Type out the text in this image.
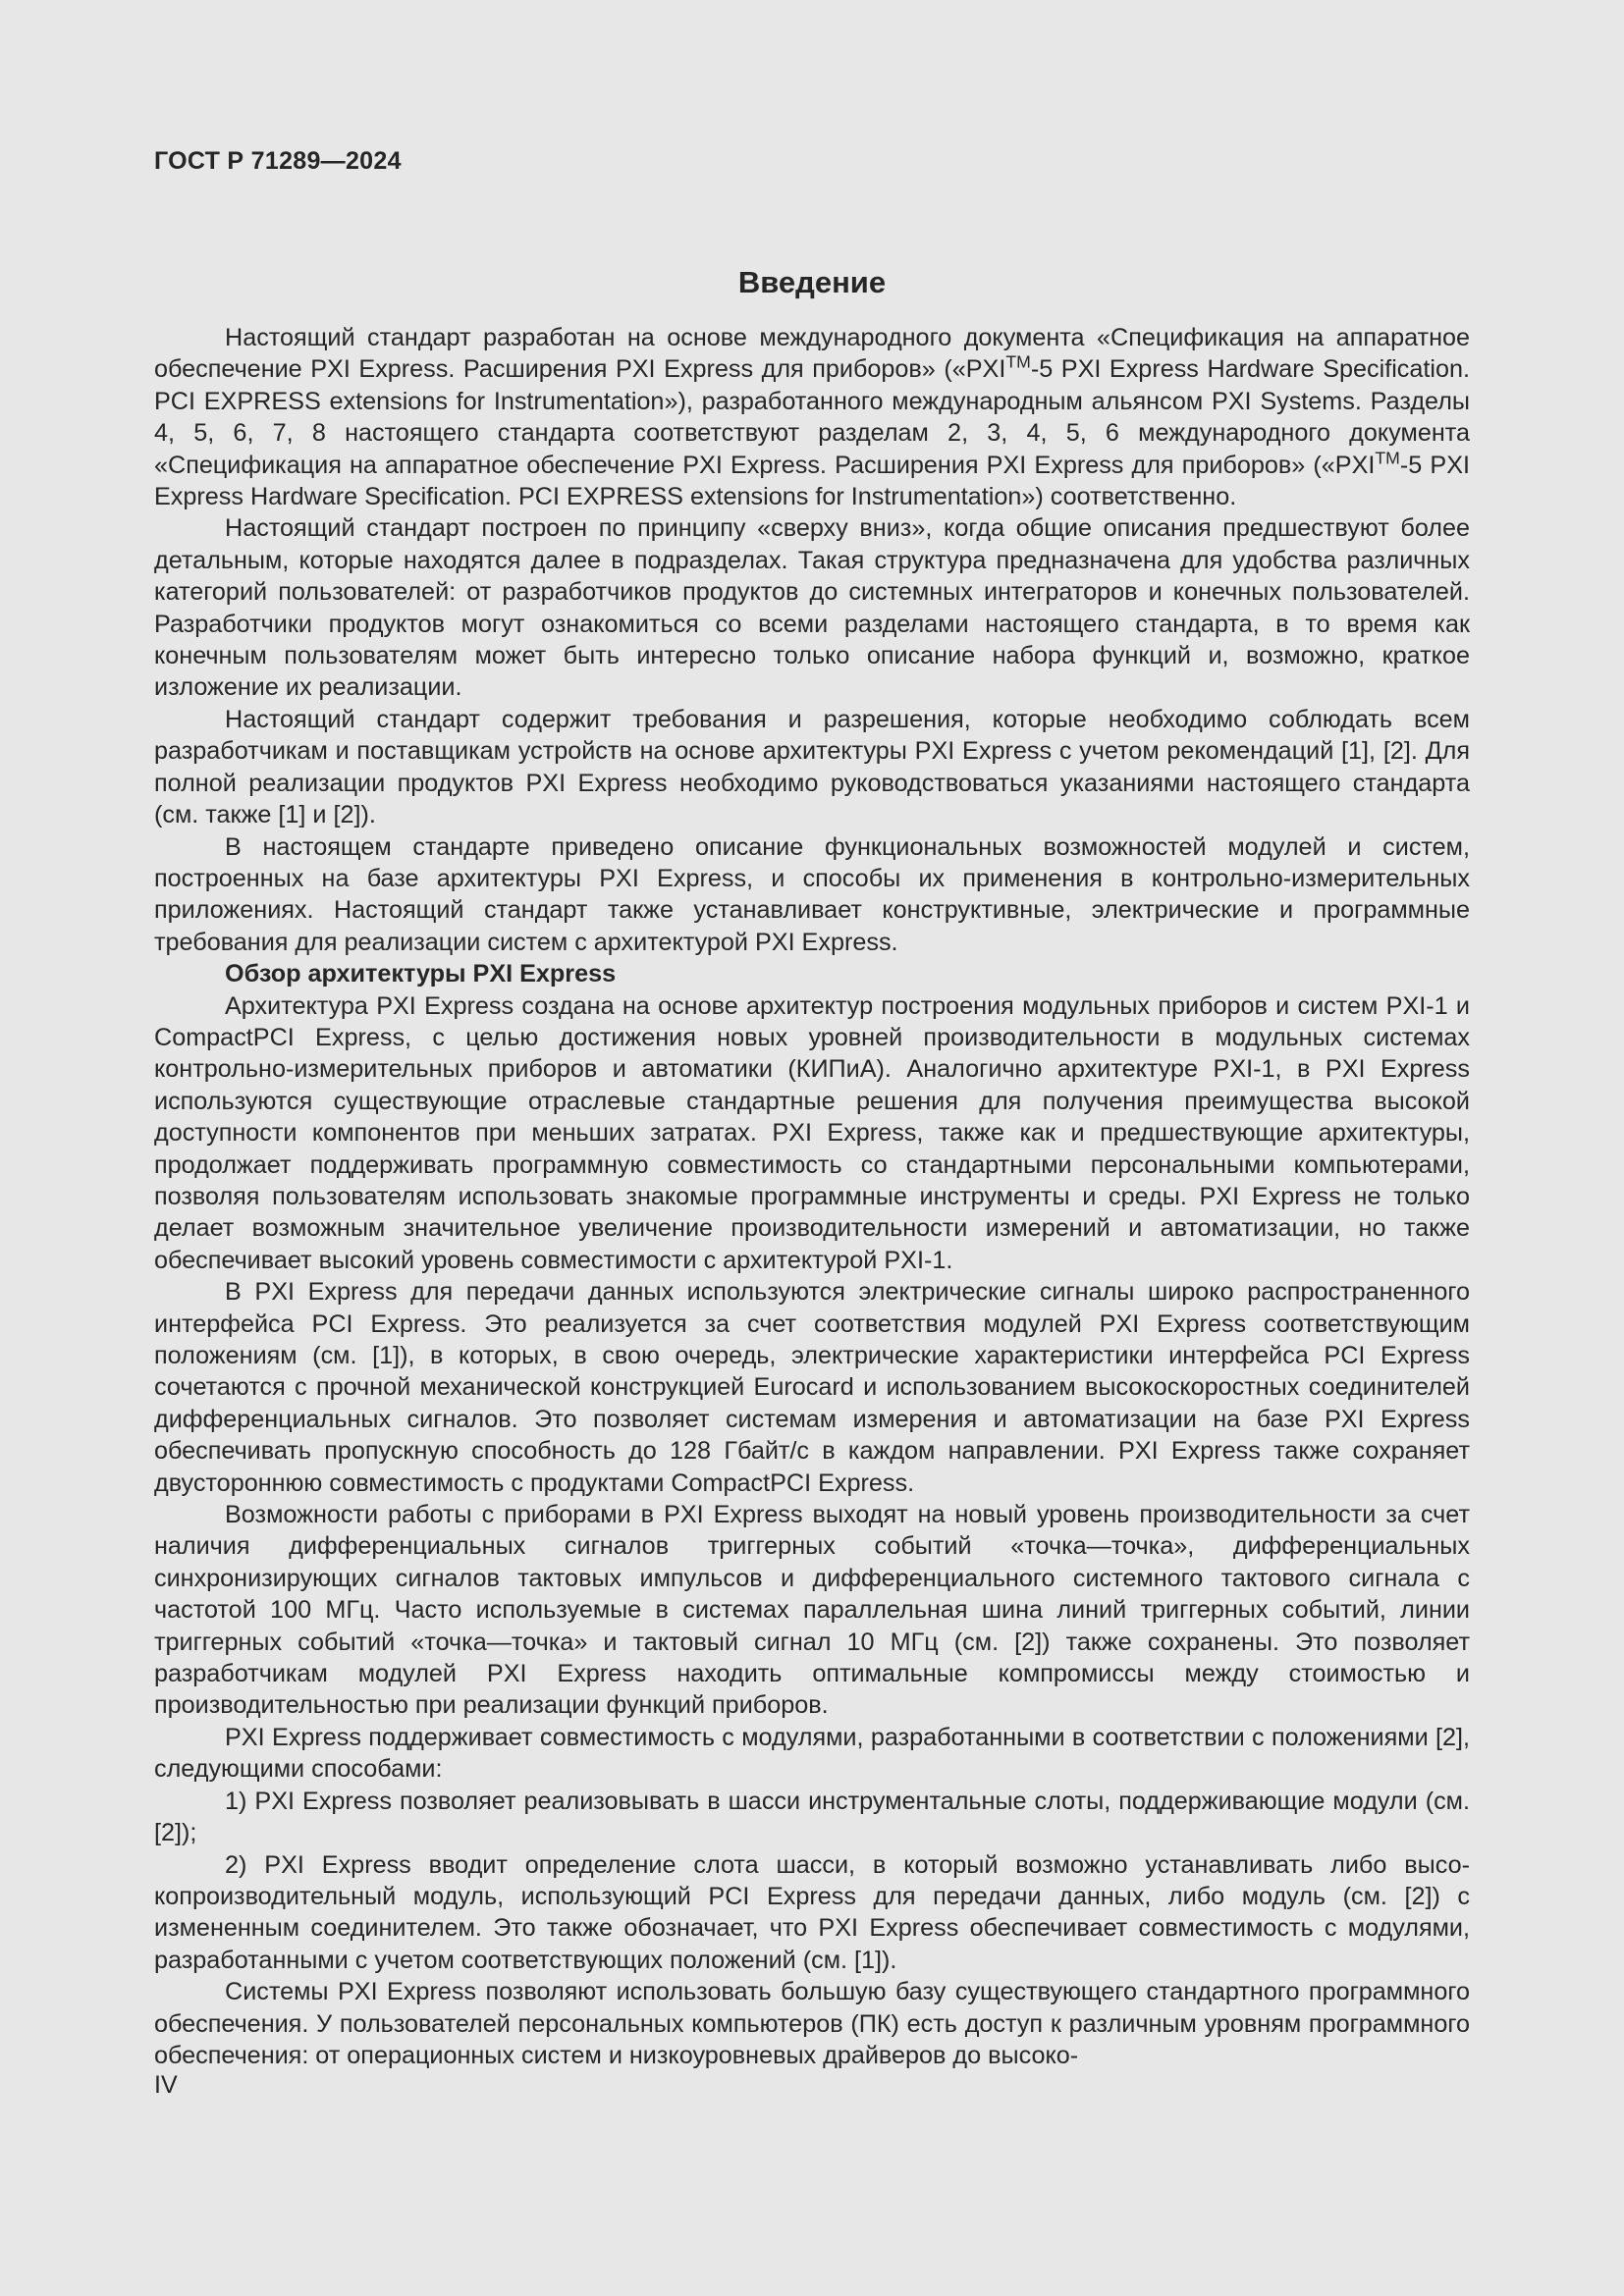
ГОСТ Р 71289—2024
Введение

Настоящий стандарт разработан на основе международного документа «Спецификация на аппаратное обеспечение PXI Express. Расширения PXI Express для приборов» («PXI™-5 PXI Express Hardware Specification. PCI EXPRESS extensions for Instrumentation»), разработанного международным альянсом PXI Systems. Разделы 4, 5, 6, 7, 8 настоящего стандарта соответствуют разделам 2, 3, 4, 5, 6 международного документа «Спецификация на аппаратное обеспечение PXI Express. Расширения PXI Express для приборов» («PXI™-5 PXI Express Hardware Specification. PCI EXPRESS extensions for Instrumentation») соответственно.

Настоящий стандарт построен по принципу «сверху вниз», когда общие описания предшествуют более детальным, которые находятся далее в подразделах. Такая структура предназначена для удобства различных категорий пользователей: от разработчиков продуктов до системных интеграторов и конечных пользователей. Разработчики продуктов могут ознакомиться со всеми разделами настоящего стандарта, в то время как конечным пользователям может быть интересно только описание набора функций и, возможно, краткое изложение их реализации.

Настоящий стандарт содержит требования и разрешения, которые необходимо соблюдать всем разработчикам и поставщикам устройств на основе архитектуры PXI Express с учетом рекомендаций [1], [2]. Для полной реализации продуктов PXI Express необходимо руководствоваться указаниями настоящего стандарта (см. также [1] и [2]).

В настоящем стандарте приведено описание функциональных возможностей модулей и систем, построенных на базе архитектуры PXI Express, и способы их применения в контрольно-измерительных приложениях. Настоящий стандарт также устанавливает конструктивные, электрические и программные требования для реализации систем с архитектурой PXI Express.

Обзор архитектуры PXI Express

Архитектура PXI Express создана на основе архитектур построения модульных приборов и систем PXI-1 и CompactPCI Express, с целью достижения новых уровней производительности в модульных системах контрольно-измерительных приборов и автоматики (КИПиА). Аналогично архитектуре PXI-1, в PXI Express используются существующие отраслевые стандартные решения для получения преимущества высокой доступности компонентов при меньших затратах. PXI Express, также как и предшествующие архитектуры, продолжает поддерживать программную совместимость со стандартными персональными компьютерами, позволяя пользователям использовать знакомые программные инструменты и среды. PXI Express не только делает возможным значительное увеличение производительности измерений и автоматизации, но также обеспечивает высокий уровень совместимости с архитектурой PXI-1.

В PXI Express для передачи данных используются электрические сигналы широко распространенного интерфейса PCI Express. Это реализуется за счет соответствия модулей PXI Express соответствующим положениям (см. [1]), в которых, в свою очередь, электрические характеристики интерфейса PCI Express сочетаются с прочной механической конструкцией Eurocard и использованием высокоскоростных соединителей дифференциальных сигналов. Это позволяет системам измерения и автоматизации на базе PXI Express обеспечивать пропускную способность до 128 Гбайт/с в каждом направлении. PXI Express также сохраняет двустороннюю совместимость с продуктами CompactPCI Express.

Возможности работы с приборами в PXI Express выходят на новый уровень производительности за счет наличия дифференциальных сигналов триггерных событий «точка—точка», дифференциальных синхронизирующих сигналов тактовых импульсов и дифференциального системного тактового сигнала с частотой 100 МГц. Часто используемые в системах параллельная шина линий триггерных событий, линии триггерных событий «точка—точка» и тактовый сигнал 10 МГц (см. [2]) также сохранены. Это позволяет разработчикам модулей PXI Express находить оптимальные компромиссы между стоимостью и производительностью при реализации функций приборов.

PXI Express поддерживает совместимость с модулями, разработанными в соответствии с положениями [2], следующими способами:

1) PXI Express позволяет реализовывать в шасси инструментальные слоты, поддерживающие модули (см. [2]);

2) PXI Express вводит определение слота шасси, в который возможно устанавливать либо высокопроизводительный модуль, использующий PCI Express для передачи данных, либо модуль (см. [2]) с измененным соединителем. Это также обозначает, что PXI Express обеспечивает совместимость с модулями, разработанными с учетом соответствующих положений (см. [1]).

Системы PXI Express позволяют использовать большую базу существующего стандартного программного обеспечения. У пользователей персональных компьютеров (ПК) есть доступ к различным уровням программного обеспечения: от операционных систем и низкоуровневых драйверов до высоко-

IV
